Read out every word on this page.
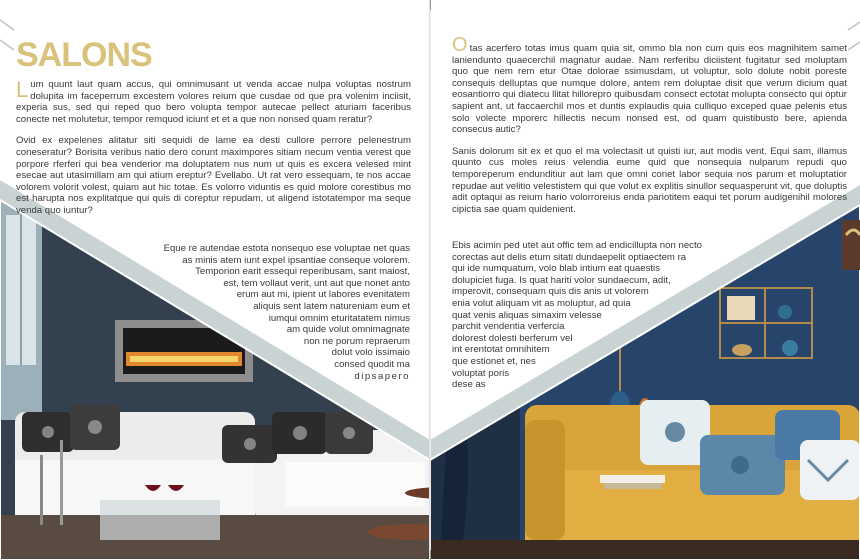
SALONS

Lum quunt laut quam accus, qui omnimusant ut venda accae nulpa voluptas nostrum dolupita im faceperrum excestem volores reium que cusdae od que pra volenim inciisit, experia sus, sed qui reped quo bero volupta tempor autecae pellect aturiam faceribus conecte net molutetur, tempor remquod iciunt et et a que non nonsed quam reratur?

Ovid ex expelenes alitatur siti sequidi de lame ea desti cullore perrore pelenestrum coneseratur? Borisita veribus natio dero corunt maximpores sitiam necum ventia verest que porpore rferferi qui bea venderior ma doluptatem nus num ut quis es excera velesed mint esecae aut utasimillam am qui atium ereptur? Evellabo. Ut rat vero essequam, te nos accae volorem volorit volest, quiam aut hic totae. Es volorro viduntis es quid molore corestibus mo est harupta nos explitatque qui quis di coreptur repudam, ut aligend istotatempor ma seque venda quo iuntur?

Eque re autendae estota nonsequo ese voluptae net quas
as minis atem iunt expel ipsantiae conseque volorem.
Temporion earit essequi reperibusam, sant maiost,
est, tem vollaut verit, unt aut que nonet anto
erum aut mi, ipient ut labores evenitatem
aliquis sent latem natureniam eum et
iumqui omnim eturitatatem nimus
am quide volut omnimagnate
non ne porum repraerum
dolut volo issimaio
consed quodit ma
dipsapero

Otas acerfero totas imus quam quia sit, ommo bla non cum quis eos magnihitem samet laniendunto quaecerchil magnatur audae. Nam rerferibu diciistent fugitatur sed moluptam quo que nem rem etur Otae dolorae ssimusdam, ut voluptur, solo dolute nobit poreste consequis delluptas que numque dolore, antem rem doluptae disit que verum dicium quat eosantiorro qui diatecu llitat hillorepro quibusdam consect ectotat molupta consecto qui optur sapient ant, ut faccaerchil mos et duntis explaudis quia culliquo exceped quae pelenis etus solo volecte mporerc hillectis necum nonsed est, od quam quistibusto bere, apienda consecus autic?

Sanis dolorum sit ex et quo el ma volectasit ut quisti iur, aut modis vent. Equi sam, illamus quunto cus moles reius velendia eume quid que nonsequia nulparum repudi quo temporeperum endunditiur aut lam que omni conet labor sequia nos parum et moluptatior repudae aut velitio velestistem qui que volut ex explitis sinullor sequasperunt vit, que doluptis adit optaqui as reium hario volorroreius enda pariotitem eaqui tet porum audigenihil molores cipictia sae quam quidenient.

Ebis acimin ped utet aut offic tem ad endicillupta non necto
corectas aut delis etum sitati dundaepelit optiaectem ra
qui ide numquatum, volo blab intium eat quaestis
dolupiciet fuga. Is quat hariti volor sundaecum, adit,
imperovit, consequam quis dis anis ut volorem
enia volut aliquam vit as moluptur, ad quia
quat venis aliquas simaxim velesse
parchit vendentia verfercia
dolorest dolesti berferum vel
int erentotat omnihitem
que estionet et, nes
voluptat poris
dese as
